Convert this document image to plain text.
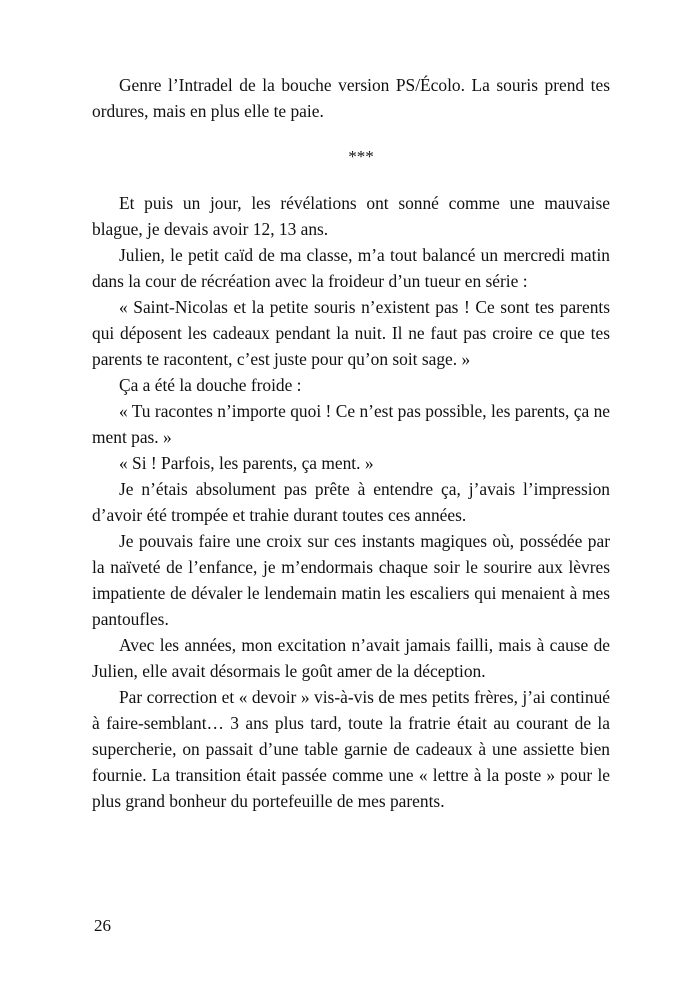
Genre l’Intradel de la bouche version PS/Écolo. La souris prend tes ordures, mais en plus elle te paie.

***

Et puis un jour, les révélations ont sonné comme une mauvaise blague, je devais avoir 12, 13 ans.

Julien, le petit caïd de ma classe, m’a tout balancé un mercredi matin dans la cour de récréation avec la froideur d’un tueur en série :

« Saint-Nicolas et la petite souris n’existent pas ! Ce sont tes parents qui déposent les cadeaux pendant la nuit. Il ne faut pas croire ce que tes parents te racontent, c’est juste pour qu’on soit sage. »

Ça a été la douche froide :

« Tu racontes n’importe quoi ! Ce n’est pas possible, les parents, ça ne ment pas. »

« Si ! Parfois, les parents, ça ment. »

Je n’étais absolument pas prête à entendre ça, j’avais l’impression d’avoir été trompée et trahie durant toutes ces années.

Je pouvais faire une croix sur ces instants magiques où, possédée par la naïveté de l’enfance, je m’endormais chaque soir le sourire aux lèvres impatiente de dévaler le lendemain matin les escaliers qui menaient à mes pantoufles.

Avec les années, mon excitation n’avait jamais failli, mais à cause de Julien, elle avait désormais le goût amer de la déception.

Par correction et « devoir » vis-à-vis de mes petits frères, j’ai continué à faire-semblant… 3 ans plus tard, toute la fratrie était au courant de la supercherie, on passait d’une table garnie de cadeaux à une assiette bien fournie. La transition était passée comme une « lettre à la poste » pour le plus grand bonheur du portefeuille de mes parents.

26
